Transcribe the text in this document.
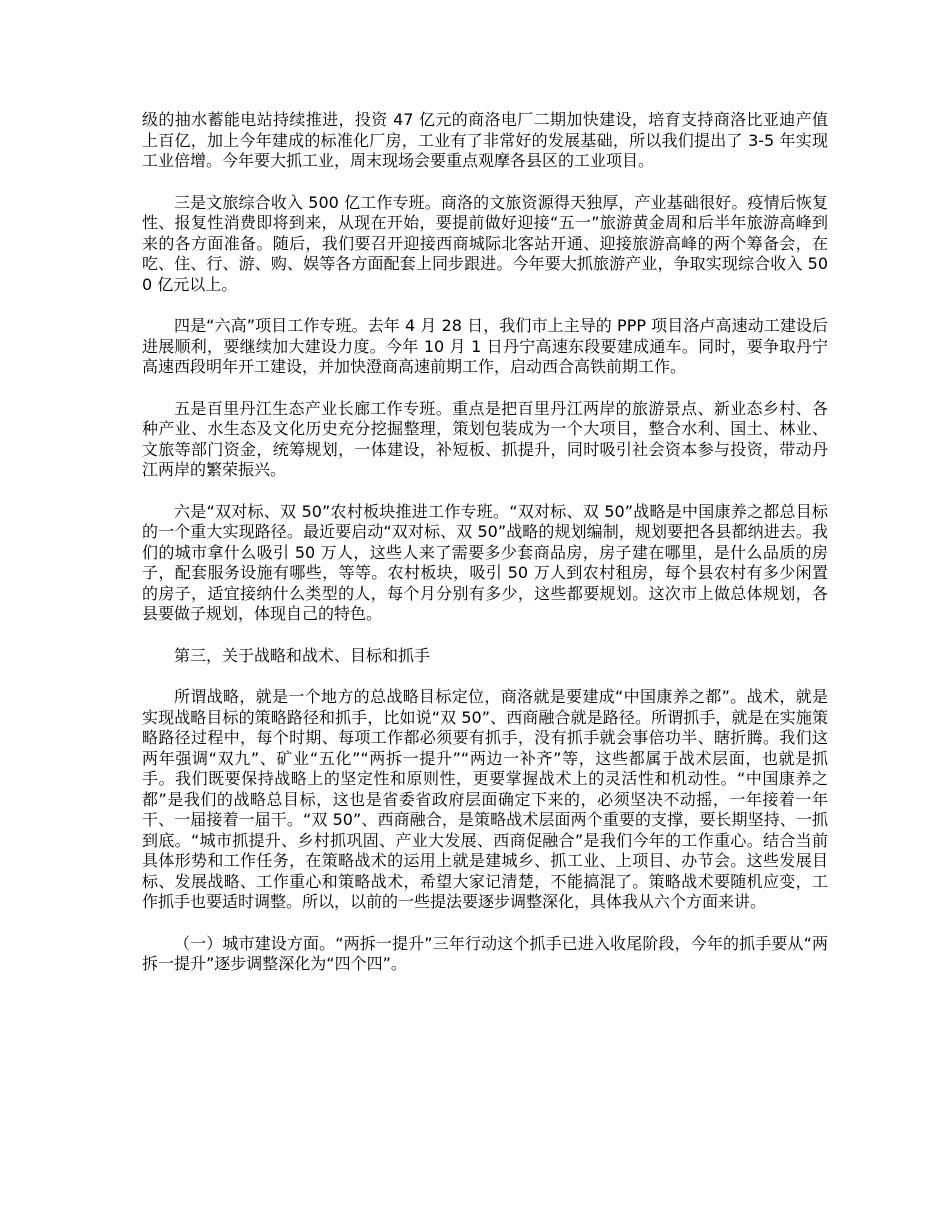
级的抽水蓄能电站持续推进，投资 47 亿元的商洛电厂二期加快建设，培育支持商洛比亚迪产值上百亿，加上今年建成的标准化厂房，工业有了非常好的发展基础，所以我们提出了 3-5 年实现工业倍增。今年要大抓工业，周末现场会要重点观摩各县区的工业项目。

三是文旅综合收入 500 亿工作专班。商洛的文旅资源得天独厚，产业基础很好。疫情后恢复性、报复性消费即将到来，从现在开始，要提前做好迎接“五一”旅游黄金周和后半年旅游高峰到来的各方面准备。随后，我们要召开迎接西商城际北客站开通、迎接旅游高峰的两个筹备会，在吃、住、行、游、购、娱等各方面配套上同步跟进。今年要大抓旅游产业，争取实现综合收入 500 亿元以上。

四是“六高”项目工作专班。去年 4 月 28 日，我们市上主导的 PPP 项目洛卢高速动工建设后进展顺利，要继续加大建设力度。今年 10 月 1 日丹宁高速东段要建成通车。同时，要争取丹宁高速西段明年开工建设，并加快澄商高速前期工作，启动西合高铁前期工作。

五是百里丹江生态产业长廊工作专班。重点是把百里丹江两岸的旅游景点、新业态乡村、各种产业、水生态及文化历史充分挖掘整理，策划包装成为一个大项目，整合水利、国土、林业、文旅等部门资金，统筹规划，一体建设，补短板、抓提升，同时吸引社会资本参与投资，带动丹江两岸的繁荣振兴。

六是“双对标、双 50”农村板块推进工作专班。“双对标、双 50”战略是中国康养之都总目标的一个重大实现路径。最近要启动“双对标、双 50”战略的规划编制，规划要把各县都纳进去。我们的城市拿什么吸引 50 万人，这些人来了需要多少套商品房，房子建在哪里，是什么品质的房子，配套服务设施有哪些，等等。农村板块，吸引 50 万人到农村租房，每个县农村有多少闲置的房子，适宜接纳什么类型的人，每个月分别有多少，这些都要规划。这次市上做总体规划，各县要做子规划，体现自己的特色。

第三，关于战略和战术、目标和抓手

所谓战略，就是一个地方的总战略目标定位，商洛就是要建成“中国康养之都”。战术，就是实现战略目标的策略路径和抓手，比如说“双 50”、西商融合就是路径。所谓抓手，就是在实施策略路径过程中，每个时期、每项工作都必须要有抓手，没有抓手就会事倍功半、瞎折腾。我们这两年强调“双九”、矿业“五化”“两拆一提升”“两边一补齐”等，这些都属于战术层面，也就是抓手。我们既要保持战略上的坚定性和原则性，更要掌握战术上的灵活性和机动性。“中国康养之都”是我们的战略总目标，这也是省委省政府层面确定下来的，必须坚决不动摇，一年接着一年干、一届接着一届干。“双 50”、西商融合，是策略战术层面两个重要的支撑，要长期坚持、一抓到底。“城市抓提升、乡村抓巩固、产业大发展、西商促融合”是我们今年的工作重心。结合当前具体形势和工作任务，在策略战术的运用上就是建城乡、抓工业、上项目、办节会。这些发展目标、发展战略、工作重心和策略战术，希望大家记清楚，不能搞混了。策略战术要随机应变，工作抓手也要适时调整。所以，以前的一些提法要逐步调整深化，具体我从六个方面来讲。

（一）城市建设方面。“两拆一提升”三年行动这个抓手已进入收尾阶段，今年的抓手要从“两拆一提升”逐步调整深化为“四个四”。
